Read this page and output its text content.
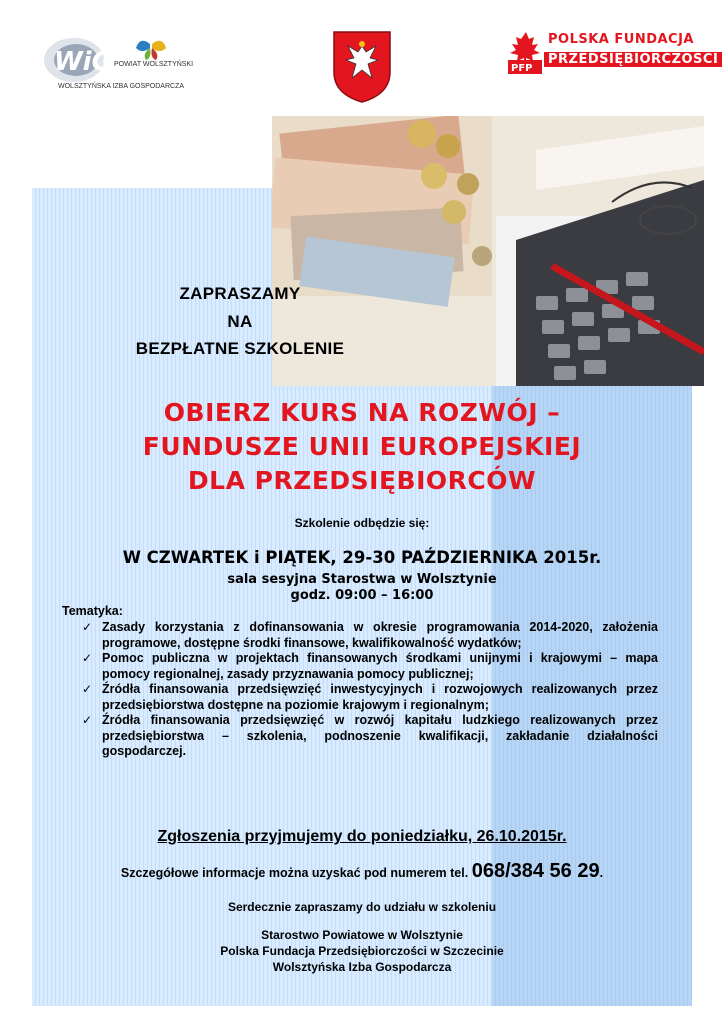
WiG POWIAT WOLSZTYŃSKI
WOLSZTYŃSKA IZBA GOSPODARCZA
PFP
POLSKA FUNDACJA
PRZEDSIĘBIORCZOŚCI
ZAPRASZAMY
NA
BEZPŁATNE SZKOLENIE
OBIERZ KURS NA ROZWÓJ –
FUNDUSZE UNII EUROPEJSKIEJ
DLA PRZEDSIĘBIORCÓW
Szkolenie odbędzie się:
W CZWARTEK i PIĄTEK, 29-30 PAŹDZIERNIKA 2015r.
sala sesyjna Starostwa w Wolsztynie
godz. 09:00 – 16:00
Tematyka:
✓ Zasady korzystania z dofinansowania w okresie programowania 2014-2020, założenia programowe, dostępne środki finansowe, kwalifikowalność wydatków;
✓ Pomoc publiczna w projektach finansowanych środkami unijnymi i krajowymi – mapa pomocy regionalnej, zasady przyznawania pomocy publicznej;
✓ Źródła finansowania przedsięwzięć inwestycyjnych i rozwojowych realizowanych przez przedsiębiorstwa dostępne na poziomie krajowym i regionalnym;
✓ Źródła finansowania przedsięwzięć w rozwój kapitału ludzkiego realizowanych przez przedsiębiorstwa – szkolenia, podnoszenie kwalifikacji, zakładanie działalności gospodarczej.
Zgłoszenia przyjmujemy do poniedziałku, 26.10.2015r.
Szczegółowe informacje można uzyskać pod numerem tel. 068/384 56 29.
Serdecznie zapraszamy do udziału w szkoleniu
Starostwo Powiatowe w Wolsztynie
Polska Fundacja Przedsiębiorczości w Szczecinie
Wolsztyńska Izba Gospodarcza
